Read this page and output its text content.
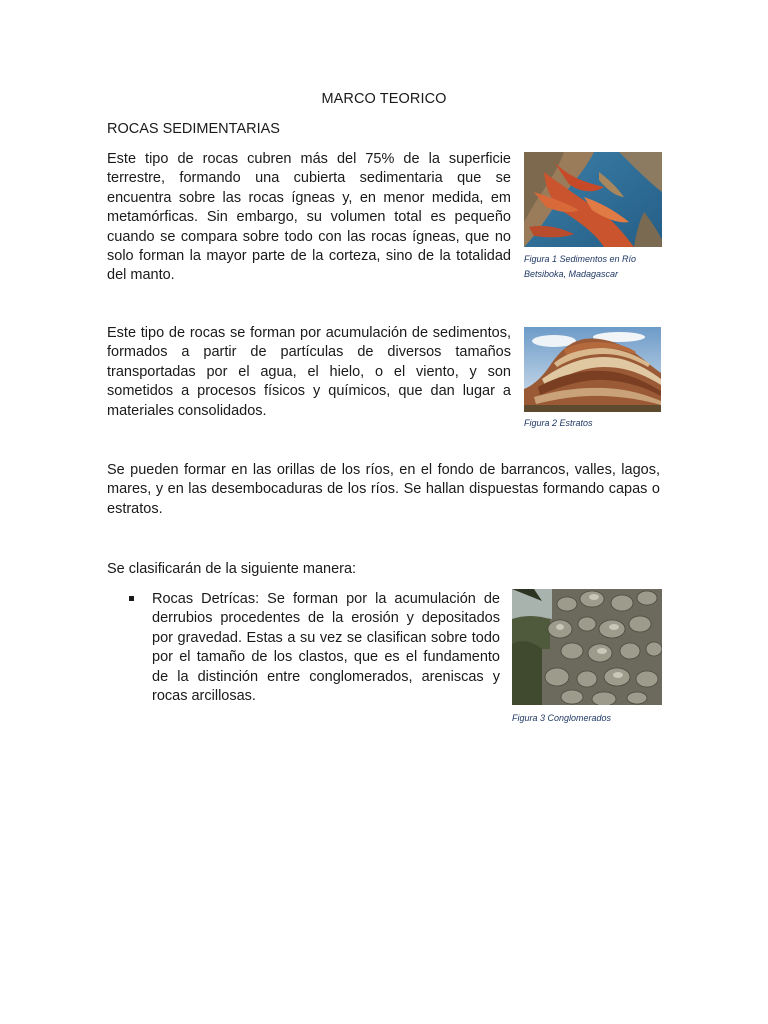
MARCO TEORICO
ROCAS SEDIMENTARIAS

Este tipo de rocas cubren más del 75% de la superficie terrestre, formando una cubierta sedimentaria que se encuentra sobre las rocas ígneas y, en menor medida, em metamórficas. Sin embargo, su volumen total es pequeño cuando se compara sobre todo con las rocas ígneas, que no solo forman la mayor parte de la corteza, sino de la totalidad del manto.

Figura 1 Sedimentos en Río
Betsiboka, Madagascar

Este tipo de rocas se forman por acumulación de sedimentos, formados a partir de partículas de diversos tamaños transportadas por el agua, el hielo, o el viento, y son sometidos a procesos físicos y químicos, que dan lugar a materiales consolidados.

Figura 2 Estratos

Se pueden formar en las orillas de los ríos, en el fondo de barrancos, valles, lagos, mares, y en las desembocaduras de los ríos. Se hallan dispuestas formando capas o estratos.

Se clasificarán de la siguiente manera:

Rocas Detrícas: Se forman por la acumulación de derrubios procedentes de la erosión y depositados por gravedad. Estas a su vez se clasifican sobre todo por el tamaño de los clastos, que es el fundamento de la distinción entre conglomerados, areniscas y rocas arcillosas.

Figura 3 Conglomerados
